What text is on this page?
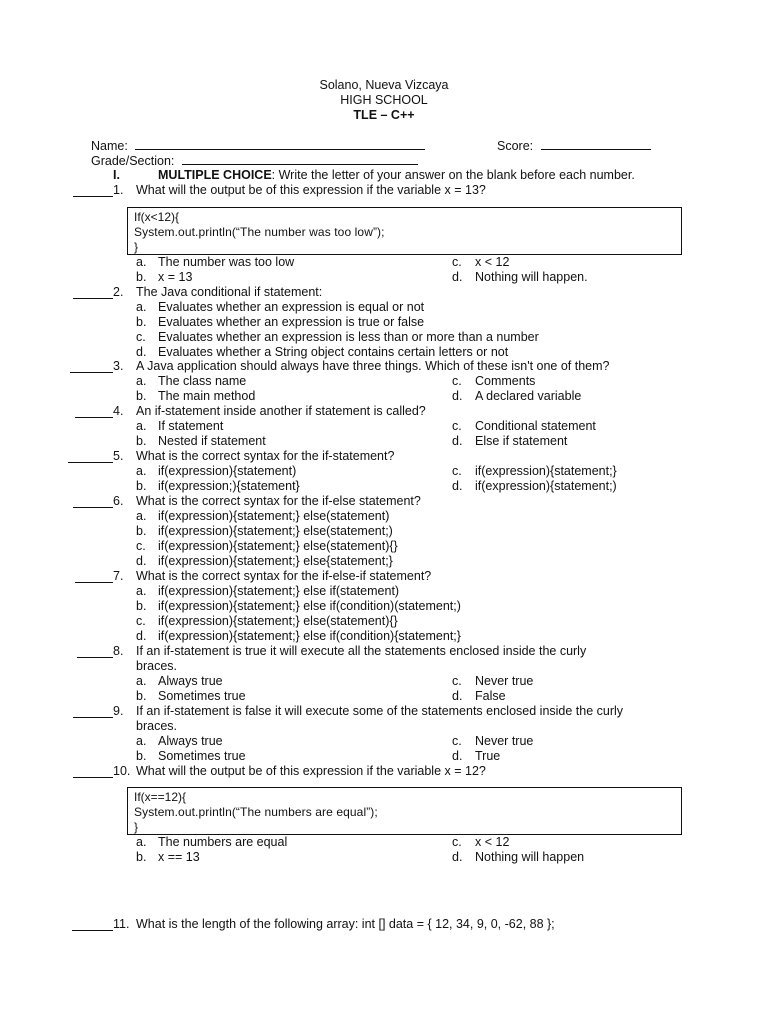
Solano, Nueva Vizcaya
HIGH SCHOOL
TLE – C++
Name:	Score:
Grade/Section:
I.	MULTIPLE CHOICE: Write the letter of your answer on the blank before each number.
1. What will the output be of this expression if the variable x = 13?
If(x<12){
System.out.println(“The number was too low”);
}
a. The number was too low	c. x < 12
b. x = 13	d. Nothing will happen.
2. The Java conditional if statement:
a. Evaluates whether an expression is equal or not
b. Evaluates whether an expression is true or false
c. Evaluates whether an expression is less than or more than a number
d. Evaluates whether a String object contains certain letters or not
3. A Java application should always have three things. Which of these isn't one of them?
a. The class name	c. Comments
b. The main method	d. A declared variable
4. An if-statement inside another if statement is called?
a. If statement	c. Conditional statement
b. Nested if statement	d. Else if statement
5. What is the correct syntax for the if-statement?
a. if(expression){statement)	c. if(expression){statement;}
b. if(expression;){statement}	d. if(expression){statement;)
6. What is the correct syntax for the if-else statement?
a. if(expression){statement;} else(statement)
b. if(expression){statement;} else(statement;)
c. if(expression){statement;} else(statement){}
d. if(expression){statement;} else{statement;}
7. What is the correct syntax for the if-else-if statement?
a. if(expression){statement;} else if(statement)
b. if(expression){statement;} else if(condition)(statement;)
c. if(expression){statement;} else(statement){}
d. if(expression){statement;} else if(condition){statement;}
8. If an if-statement is true it will execute all the statements enclosed inside the curly
braces.
a. Always true	c. Never true
b. Sometimes true	d. False
9. If an if-statement is false it will execute some of the statements enclosed inside the curly
braces.
a. Always true	c. Never true
b. Sometimes true	d. True
10. What will the output be of this expression if the variable x = 12?
If(x==12){
System.out.println(“The numbers are equal”);
}
a. The numbers are equal	c. x < 12
b. x == 13	d. Nothing will happen
11. What is the length of the following array: int [] data = { 12, 34, 9, 0, -62, 88 };
